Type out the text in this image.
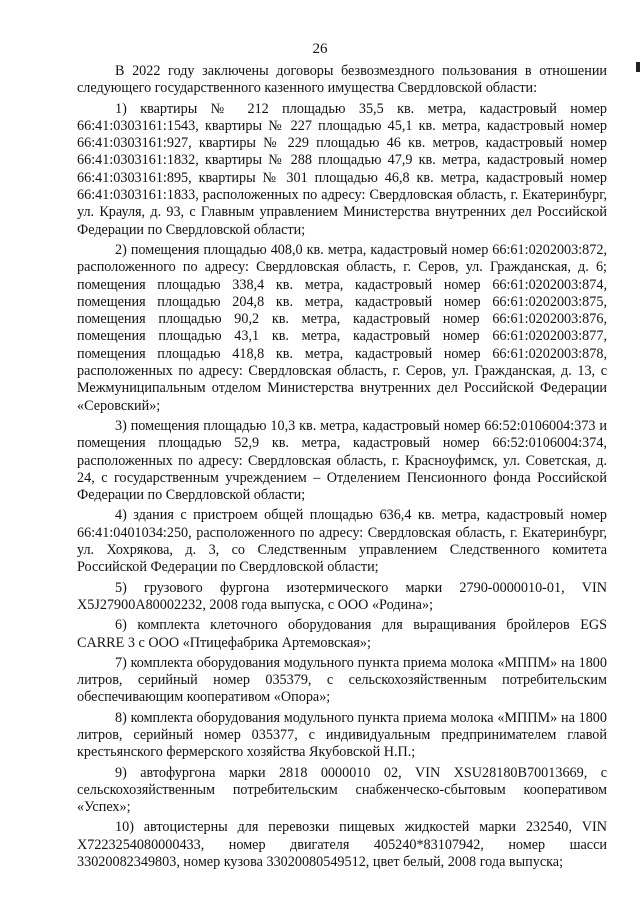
26

В 2022 году заключены договоры безвозмездного пользования в отношении следующего государственного казенного имущества Свердловской области:

1) квартиры № 212 площадью 35,5 кв. метра, кадастровый номер 66:41:0303161:1543, квартиры № 227 площадью 45,1 кв. метра, кадастровый номер 66:41:0303161:927, квартиры № 229 площадью 46 кв. метров, кадастровый номер 66:41:0303161:1832, квартиры № 288 площадью 47,9 кв. метра, кадастровый номер 66:41:0303161:895, квартиры № 301 площадью 46,8 кв. метра, кадастровый номер 66:41:0303161:1833, расположенных по адресу: Свердловская область, г. Екатеринбург, ул. Крауля, д. 93, с Главным управлением Министерства внутренних дел Российской Федерации по Свердловской области;

2) помещения площадью 408,0 кв. метра, кадастровый номер 66:61:0202003:872, расположенного по адресу: Свердловская область, г. Серов, ул. Гражданская, д. 6; помещения площадью 338,4 кв. метра, кадастровый номер 66:61:0202003:874, помещения площадью 204,8 кв. метра, кадастровый номер 66:61:0202003:875, помещения площадью 90,2 кв. метра, кадастровый номер 66:61:0202003:876, помещения площадью 43,1 кв. метра, кадастровый номер 66:61:0202003:877, помещения площадью 418,8 кв. метра, кадастровый номер 66:61:0202003:878, расположенных по адресу: Свердловская область, г. Серов, ул. Гражданская, д. 13, с Межмуниципальным отделом Министерства внутренних дел Российской Федерации «Серовский»;

3) помещения площадью 10,3 кв. метра, кадастровый номер 66:52:0106004:373 и помещения площадью 52,9 кв. метра, кадастровый номер 66:52:0106004:374, расположенных по адресу: Свердловская область, г. Красноуфимск, ул. Советская, д. 24, с государственным учреждением – Отделением Пенсионного фонда Российской Федерации по Свердловской области;

4) здания с пристроем общей площадью 636,4 кв. метра, кадастровый номер 66:41:0401034:250, расположенного по адресу: Свердловская область, г. Екатеринбург, ул. Хохрякова, д. 3, со Следственным управлением Следственного комитета Российской Федерации по Свердловской области;

5) грузового фургона изотермического марки 2790-0000010-01, VIN X5J27900A80002232, 2008 года выпуска, с ООО «Родина»;

6) комплекта клеточного оборудования для выращивания бройлеров EGS CARRE 3 с ООО «Птицефабрика Артемовская»;

7) комплекта оборудования модульного пункта приема молока «МППМ» на 1800 литров, серийный номер 035379, с сельскохозяйственным потребительским обеспечивающим кооперативом «Опора»;

8) комплекта оборудования модульного пункта приема молока «МППМ» на 1800 литров, серийный номер 035377, с индивидуальным предпринимателем главой крестьянского фермерского хозяйства Якубовской Н.П.;

9) автофургона марки 2818 0000010 02, VIN XSU28180B70013669, с сельскохозяйственным потребительским снабженческо-сбытовым кооперативом «Успех»;

10) автоцистерны для перевозки пищевых жидкостей марки 232540, VIN X7223254080000433, номер двигателя 405240*83107942, номер шасси 33020082349803, номер кузова 33020080549512, цвет белый, 2008 года выпуска;
